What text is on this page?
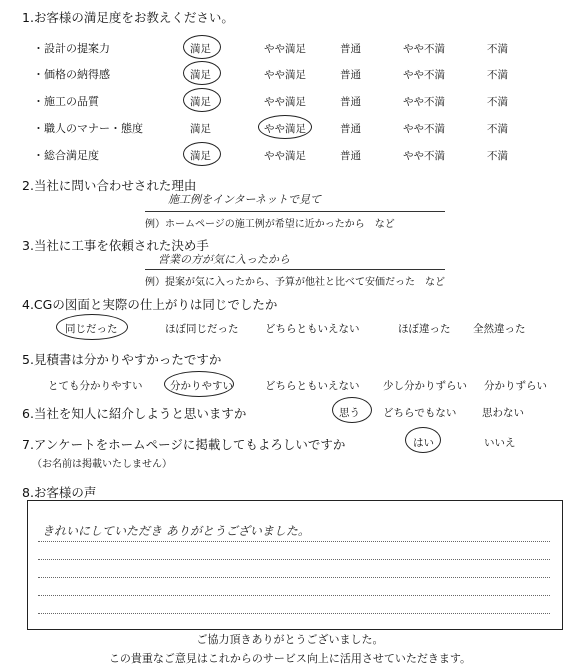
1.お客様の満足度をお教えください。
・設計の提案力	満足	やや満足	普通	やや不満	不満
・価格の納得感	満足	やや満足	普通	やや不満	不満
・施工の品質	満足	やや満足	普通	やや不満	不満
・職人のマナー・態度	満足	やや満足	普通	やや不満	不満
・総合満足度	満足	やや満足	普通	やや不満	不満
2.当社に問い合わせされた理由
施工例をインターネットで見て
例）ホームページの施工例が希望に近かったから　など
3.当社に工事を依頼された決め手
営業の方が気に入ったから
例）提案が気に入ったから、予算が他社と比べて安価だった　など
4.CGの図面と実際の仕上がりは同じでしたか
同じだった	ほぼ同じだった	どちらともいえない	ほぼ違った 全然違った
5.見積書は分かりやすかったですか
とても分かりやすい	分かりやすい	どちらともいえない 少し分かりずらい 分かりずらい
6.当社を知人に紹介しようと思いますか	思う どちらでもない 思わない
7.アンケートをホームページに掲載してもよろしいですか	はい	いいえ
（お名前は掲載いたしません）
8.お客様の声
きれいにしていただき ありがとうございました。
ご協力頂きありがとうございました。
この貴重なご意見はこれからのサービス向上に活用させていただきます。
